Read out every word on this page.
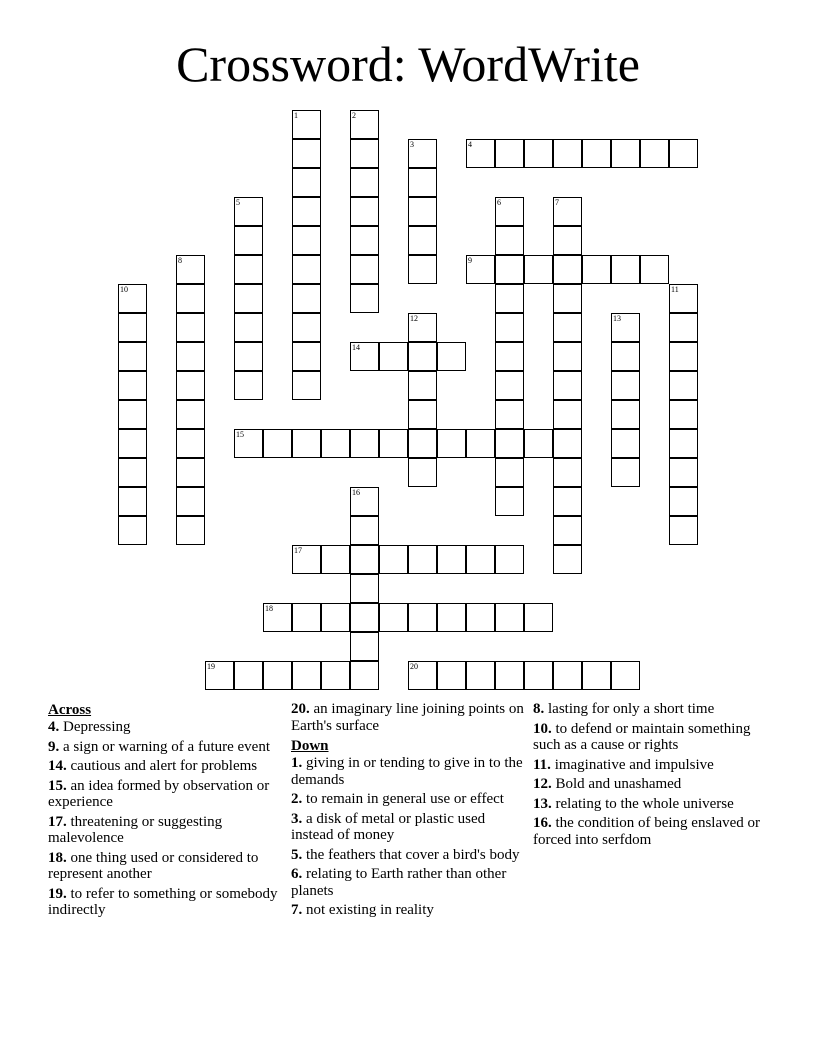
Crossword: WordWrite
4
9
14
15
17
18
19	20
1	2
3
5	6	7
8
10	11
12	13
16
Across
4. Depressing
9. a sign or warning of a future event
14. cautious and alert for problems
15. an idea formed by observation or experience
17. threatening or suggesting malevolence
18. one thing used or considered to represent another
19. to refer to something or somebody indirectly
20. an imaginary line joining points on Earth's surface
Down
1. giving in or tending to give in to the demands
2. to remain in general use or effect
3. a disk of metal or plastic used instead of money
5. the feathers that cover a bird's body
6. relating to Earth rather than other planets
7. not existing in reality
8. lasting for only a short time
10. to defend or maintain something such as a cause or rights
11. imaginative and impulsive
12. Bold and unashamed
13. relating to the whole universe
16. the condition of being enslaved or forced into serfdom
